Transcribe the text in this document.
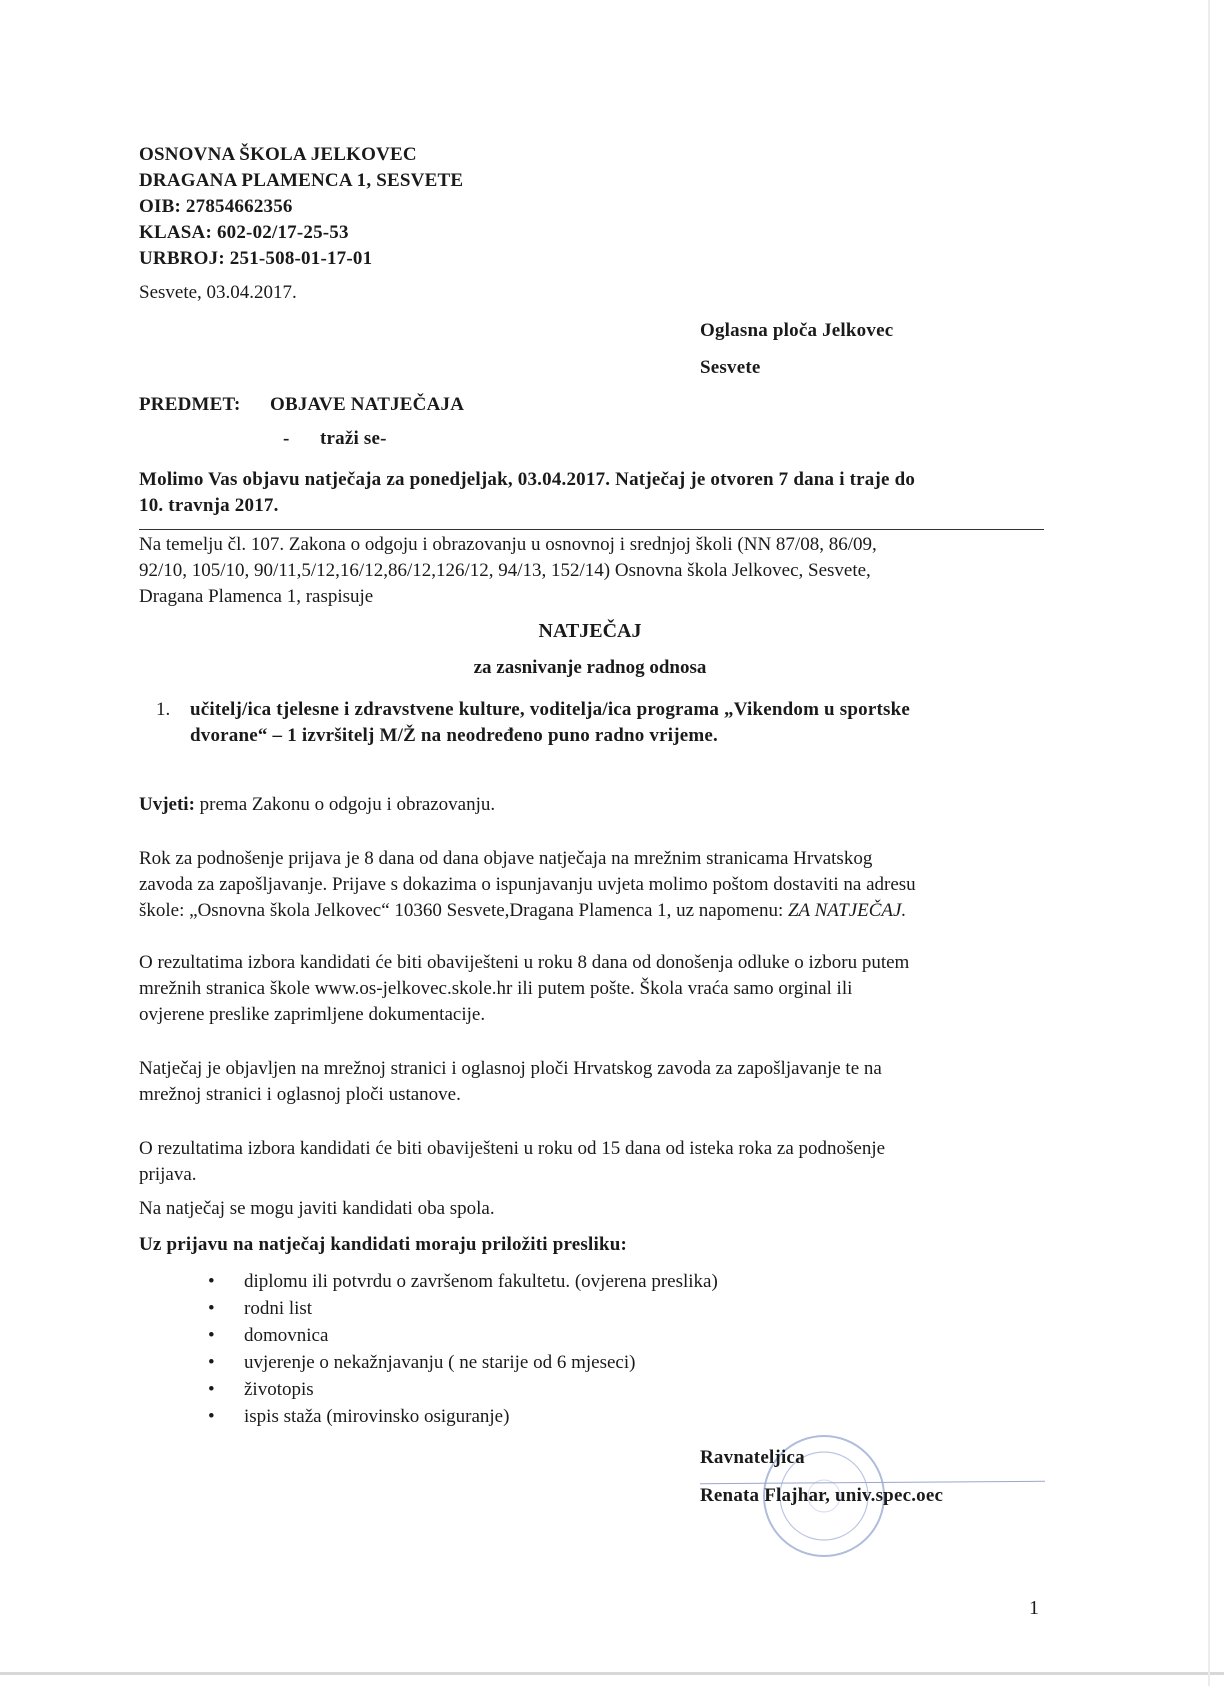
OSNOVNA ŠKOLA JELKOVEC
DRAGANA PLAMENCA 1, SESVETE
OIB: 27854662356
KLASA: 602-02/17-25-53
URBROJ: 251-508-01-17-01
Sesvete, 03.04.2017.
Oglasna ploča Jelkovec
Sesvete
PREDMET: OBJAVE NATJEČAJA
- traži se-
Molimo Vas objavu natječaja za ponedjeljak, 03.04.2017. Natječaj je otvoren 7 dana i traje do
10. travnja 2017.
Na temelju čl. 107. Zakona o odgoju i obrazovanju u osnovnoj i srednjoj školi (NN 87/08, 86/09,
92/10, 105/10, 90/11,5/12,16/12,86/12,126/12, 94/13, 152/14) Osnovna škola Jelkovec, Sesvete,
Dragana Plamenca 1, raspisuje
NATJEČAJ
za zasnivanje radnog odnosa
1. učitelj/ica tjelesne i zdravstvene kulture, voditelja/ica programa „Vikendom u sportske
dvorane“ – 1 izvršitelj M/Ž na neodređeno puno radno vrijeme.
Uvjeti: prema Zakonu o odgoju i obrazovanju.
Rok za podnošenje prijava je 8 dana od dana objave natječaja na mrežnim stranicama Hrvatskog
zavoda za zapošljavanje. Prijave s dokazima o ispunjavanju uvjeta molimo poštom dostaviti na adresu
škole: „Osnovna škola Jelkovec“ 10360 Sesvete,Dragana Plamenca 1, uz napomenu: ZA NATJEČAJ.
O rezultatima izbora kandidati će biti obaviješteni u roku 8 dana od donošenja odluke o izboru putem
mrežnih stranica škole www.os-jelkovec.skole.hr ili putem pošte. Škola vraća samo orginal ili
ovjerene preslike zaprimljene dokumentacije.
Natječaj je objavljen na mrežnoj stranici i oglasnoj ploči Hrvatskog zavoda za zapošljavanje te na
mrežnoj stranici i oglasnoj ploči ustanove.
O rezultatima izbora kandidati će biti obaviješteni u roku od 15 dana od isteka roka za podnošenje
prijava.
Na natječaj se mogu javiti kandidati oba spola.
Uz prijavu na natječaj kandidati moraju priložiti presliku:
• diplomu ili potvrdu o završenom fakultetu. (ovjerena preslika)
• rodni list
• domovnica
• uvjerenje o nekažnjavanju ( ne starije od 6 mjeseci)
• životopis
• ispis staža (mirovinsko osiguranje)
Ravnateljica
Renata Flajhar, univ.spec.oec
1
